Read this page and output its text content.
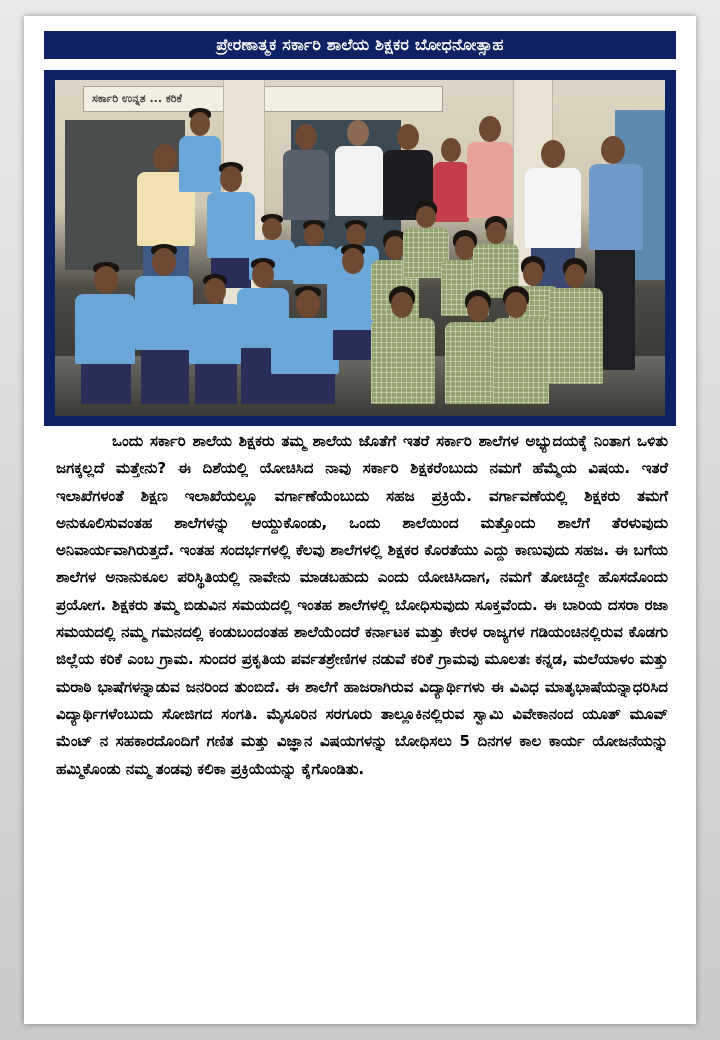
ಪ್ರೇರಣಾತ್ಮಕ ಸರ್ಕಾರಿ ಶಾಲೆಯ ಶಿಕ್ಷಕರ ಬೋಧನೋತ್ಸಾಹ
ಸರ್ಕಾರಿ ಉನ್ನತ ... ಕರಿಕೆ

ಒಂದು ಸರ್ಕಾರಿ ಶಾಲೆಯ ಶಿಕ್ಷಕರು ತಮ್ಮ ಶಾಲೆಯ ಜೊತೆಗೆ ಇತರೆ ಸರ್ಕಾರಿ ಶಾಲೆಗಳ ಅಭ್ಯುದಯಕ್ಕೆ ನಿಂತಾಗ ಒಳಿತು ಜಗಕ್ಕಲ್ಲದೆ ಮತ್ತೇನು? ಈ ದಿಶೆಯಲ್ಲಿ ಯೋಚಿಸಿದ ನಾವು ಸರ್ಕಾರಿ ಶಿಕ್ಷಕರೆಂಬುದು ನಮಗೆ ಹೆಮ್ಮೆಯ ವಿಷಯ. ಇತರೆ ಇಲಾಖೆಗಳಂತೆ ಶಿಕ್ಷಣ ಇಲಾಖೆಯಲ್ಲೂ ವರ್ಗಾಣೆಯೆಂಬುದು ಸಹಜ ಪ್ರಕ್ರಿಯೆ. ವರ್ಗಾವಣೆಯಲ್ಲಿ ಶಿಕ್ಷಕರು ತಮಗೆ ಅನುಕೂಲಿಸುವಂತಹ ಶಾಲೆಗಳನ್ನು ಆಯ್ದುಕೊಂಡು, ಒಂದು ಶಾಲೆಯಿಂದ ಮತ್ತೊಂದು ಶಾಲೆಗೆ ತೆರಳುವುದು ಅನಿವಾರ್ಯವಾಗಿರುತ್ತದೆ. ಇಂತಹ ಸಂದರ್ಭಗಳಲ್ಲಿ ಕೆಲವು ಶಾಲೆಗಳಲ್ಲಿ ಶಿಕ್ಷಕರ ಕೊರತೆಯು ಎದ್ದು ಕಾಣುವುದು ಸಹಜ. ಈ ಬಗೆಯ ಶಾಲೆಗಳ ಅನಾನುಕೂಲ ಪರಿಸ್ಥಿತಿಯಲ್ಲಿ ನಾವೇನು ಮಾಡಬಹುದು ಎಂದು ಯೋಚಿಸಿದಾಗ, ನಮಗೆ ತೋಚಿದ್ದೇ ಹೊಸದೊಂದು ಪ್ರಯೋಗ. ಶಿಕ್ಷಕರು ತಮ್ಮ ಬಿಡುವಿನ ಸಮಯದಲ್ಲಿ ಇಂತಹ ಶಾಲೆಗಳಲ್ಲಿ ಬೋಧಿಸುವುದು ಸೂಕ್ತವೆಂದು. ಈ ಬಾರಿಯ ದಸರಾ ರಜಾ ಸಮಯದಲ್ಲಿ ನಮ್ಮ ಗಮನದಲ್ಲಿ ಕಂಡುಬಂದಂತಹ ಶಾಲೆಯೆಂದರೆ ಕರ್ನಾಟಕ ಮತ್ತು ಕೇರಳ ರಾಜ್ಯಗಳ ಗಡಿಯಂಚಿನಲ್ಲಿರುವ ಕೊಡಗು ಜಿಲ್ಲೆಯ ಕರಿಕೆ ಎಂಬ ಗ್ರಾಮ. ಸುಂದರ ಪ್ರಕೃತಿಯ ಪರ್ವತಶ್ರೇಣಿಗಳ ನಡುವೆ ಕರಿಕೆ ಗ್ರಾಮವು ಮೂಲತಃ ಕನ್ನಡ, ಮಲೆಯಾಳಂ ಮತ್ತು ಮರಾಠಿ ಭಾಷೆಗಳನ್ನಾಡುವ ಜನರಿಂದ ತುಂಬಿದೆ. ಈ ಶಾಲೆಗೆ ಹಾಜರಾಗಿರುವ ವಿದ್ಯಾರ್ಥಿಗಳು ಈ ವಿವಿಧ ಮಾತೃಭಾಷೆಯನ್ನಾಧರಿಸಿದ ವಿದ್ಯಾರ್ಥಿಗಳೆಂಬುದು ಸೋಜಿಗದ ಸಂಗತಿ. ಮೈಸೂರಿನ ಸರಗೂರು ತಾಲ್ಲೂಕಿನಲ್ಲಿರುವ ಸ್ವಾಮಿ ವಿವೇಕಾನಂದ ಯೂತ್ ಮೂವ್ ಮೆಂಟ್ ನ ಸಹಕಾರದೊಂದಿಗೆ ಗಣಿತ ಮತ್ತು ವಿಜ್ಞಾನ ವಿಷಯಗಳನ್ನು ಬೋಧಿಸಲು 5 ದಿನಗಳ ಕಾಲ ಕಾರ್ಯ ಯೋಜನೆಯನ್ನು ಹಮ್ಮಿಕೊಂಡು ನಮ್ಮ ತಂಡವು ಕಲಿಕಾ ಪ್ರಕ್ರಿಯೆಯನ್ನು ಕೈಗೊಂಡಿತು.
